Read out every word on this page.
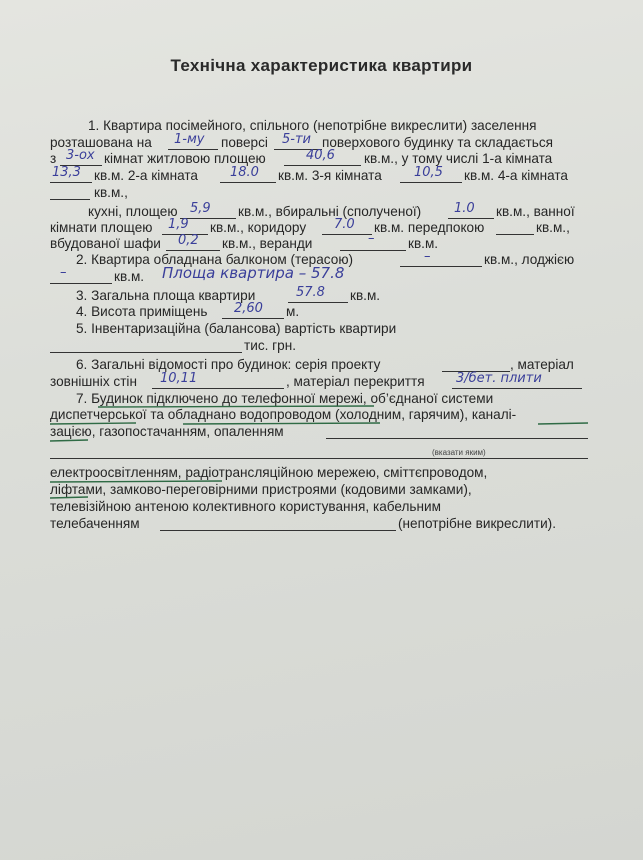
Технічна характеристика квартири
1. Квартира посімейного, спільного (непотрібне викреслити) заселення
розташована на 1-му поверсі 5-ти поверхового будинку та складається
з 3-ох кімнат житловою площею	40,6 кв.м., у тому числі 1-а кімната
13,3 кв.м. 2-а кімната 18.0 кв.м. 3-я кімната 10,5 кв.м. 4-а кімната
кв.м.,
кухні, площею 5,9 кв.м., вбиральні (сполученої)	1.0 кв.м., ванної
кімнати площею 1,9 кв.м., коридору 7.0 кв.м. передпокою	кв.м.,
вбудованої шафи 0,2 кв.м., веранди	– кв.м.
2. Квартира обладнана балконом (терасою)	–	кв.м., лоджією
–	кв.м. Площа квартира – 57.8
3. Загальна площа квартири	57.8 кв.м.
4. Висота приміщень 2,60 м.
5. Інвентаризаційна (балансова) вартість квартири
тис. грн.
6. Загальні відомості про будинок: серія проекту	, матеріал
зовнішніх стін 10,11	, матеріал перекриття 3/бет. плити
7. Будинок підключено до телефонної мережі, об’єднаної системи
диспетчерської та обладнано водопроводом (холодним, гарячим), каналі-
зацією, газопостачанням, опаленням
(вказати яким)
електроосвітленням, радіотрансляційною мережею, сміттєпроводом,
ліфтами, замково-переговірними пристроями (кодовими замками),
телевізійною антеною колективного користування, кабельним
телебаченням	(непотрібне викреслити).
